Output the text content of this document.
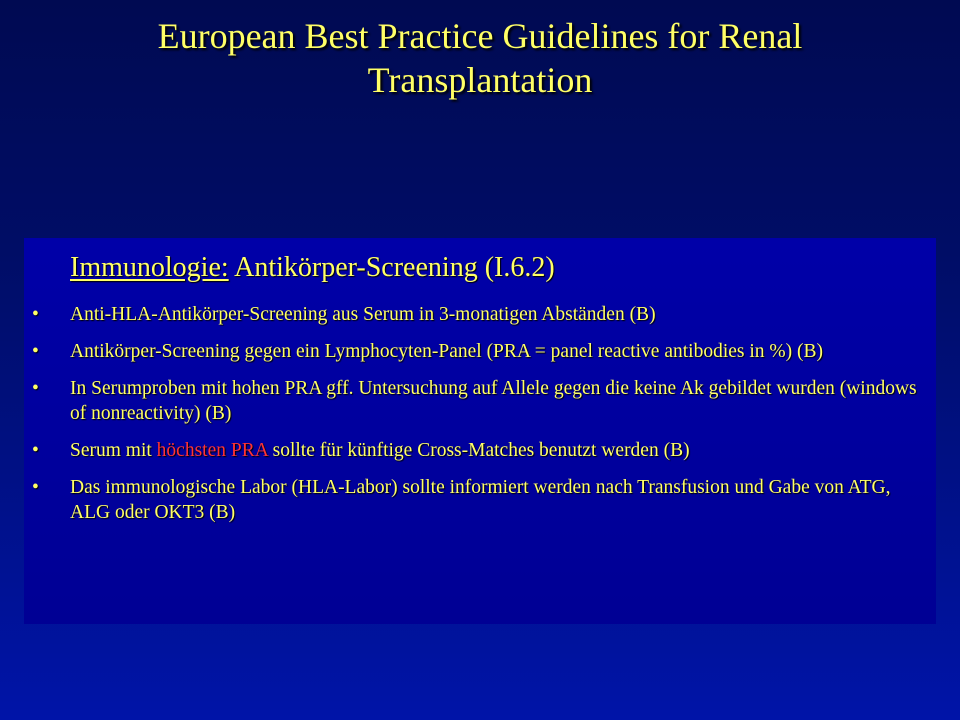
European Best Practice Guidelines for Renal
Transplantation
Immunologie: Antikörper-Screening (I.6.2)
• Anti-HLA-Antikörper-Screening aus Serum in 3-monatigen Abständen (B)
• Antikörper-Screening gegen ein Lymphocyten-Panel (PRA = panel reactive antibodies in %) (B)
• In Serumproben mit hohen PRA gff. Untersuchung auf Allele gegen die keine Ak gebildet wurden (windows of nonreactivity) (B)
• Serum mit höchsten PRA sollte für künftige Cross-Matches benutzt werden (B)
• Das immunologische Labor (HLA-Labor) sollte informiert werden nach Transfusion und Gabe von ATG, ALG oder OKT3 (B)
